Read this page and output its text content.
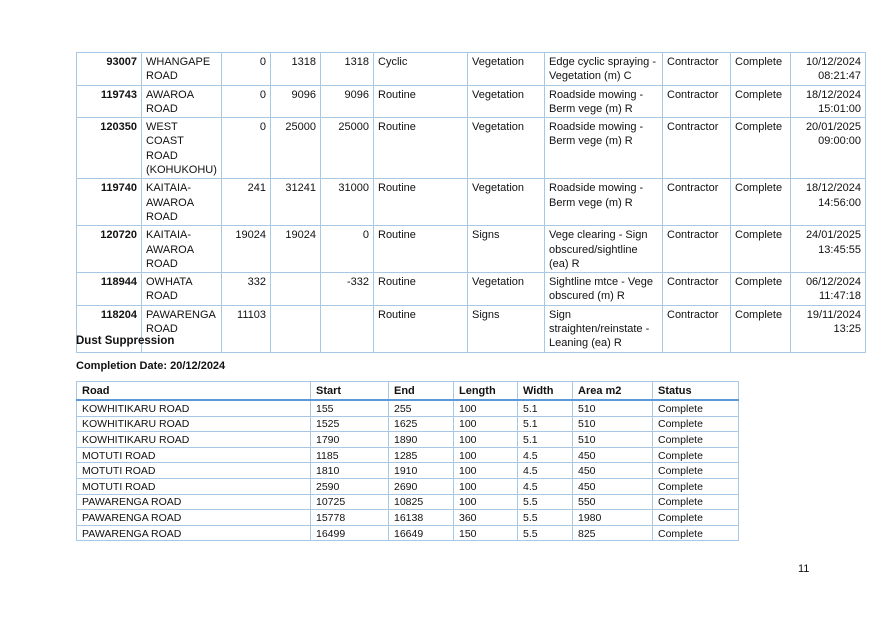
93007	WHANGAPE ROAD	0	1318	1318	Cyclic	Vegetation	Edge cyclic spraying - Vegetation (m) C	Contractor	Complete	10/12/2024
08:21:47

119743	AWAROA ROAD	0	9096	9096	Routine	Vegetation	Roadside mowing - Berm vege (m) R	Contractor	Complete	18/12/2024
15:01:00

120350	WEST COAST ROAD (KOHUKOHU)	0	25000	25000	Routine	Vegetation	Roadside mowing - Berm vege (m) R	Contractor	Complete	20/01/2025
09:00:00

119740	KAITAIA-AWAROA ROAD	241	31241	31000	Routine	Vegetation	Roadside mowing - Berm vege (m) R	Contractor	Complete	18/12/2024
14:56:00

120720	KAITAIA-AWAROA ROAD	19024	19024	0	Routine	Signs	Vege clearing - Sign obscured/sightline (ea) R	Contractor	Complete	24/01/2025
13:45:55

118944	OWHATA ROAD	332		-332	Routine	Vegetation	Sightline mtce - Vege obscured (m) R	Contractor	Complete	06/12/2024
11:47:18

118204	PAWARENGA ROAD	11103			Routine	Signs	Sign straighten/reinstate - Leaning (ea) R	Contractor	Complete	19/11/2024
13:25
Dust Suppression
Completion Date: 20/12/2024
Road	Start	End	Length	Width	Area m2	Status
KOWHITIKARU ROAD	155	255	100	5.1	510	Complete
KOWHITIKARU ROAD	1525	1625	100	5.1	510	Complete
KOWHITIKARU ROAD	1790	1890	100	5.1	510	Complete
MOTUTI ROAD	1185	1285	100	4.5	450	Complete
MOTUTI ROAD	1810	1910	100	4.5	450	Complete
MOTUTI ROAD	2590	2690	100	4.5	450	Complete
PAWARENGA ROAD	10725	10825	100	5.5	550	Complete
PAWARENGA ROAD	15778	16138	360	5.5	1980	Complete
PAWARENGA ROAD	16499	16649	150	5.5	825	Complete
11
